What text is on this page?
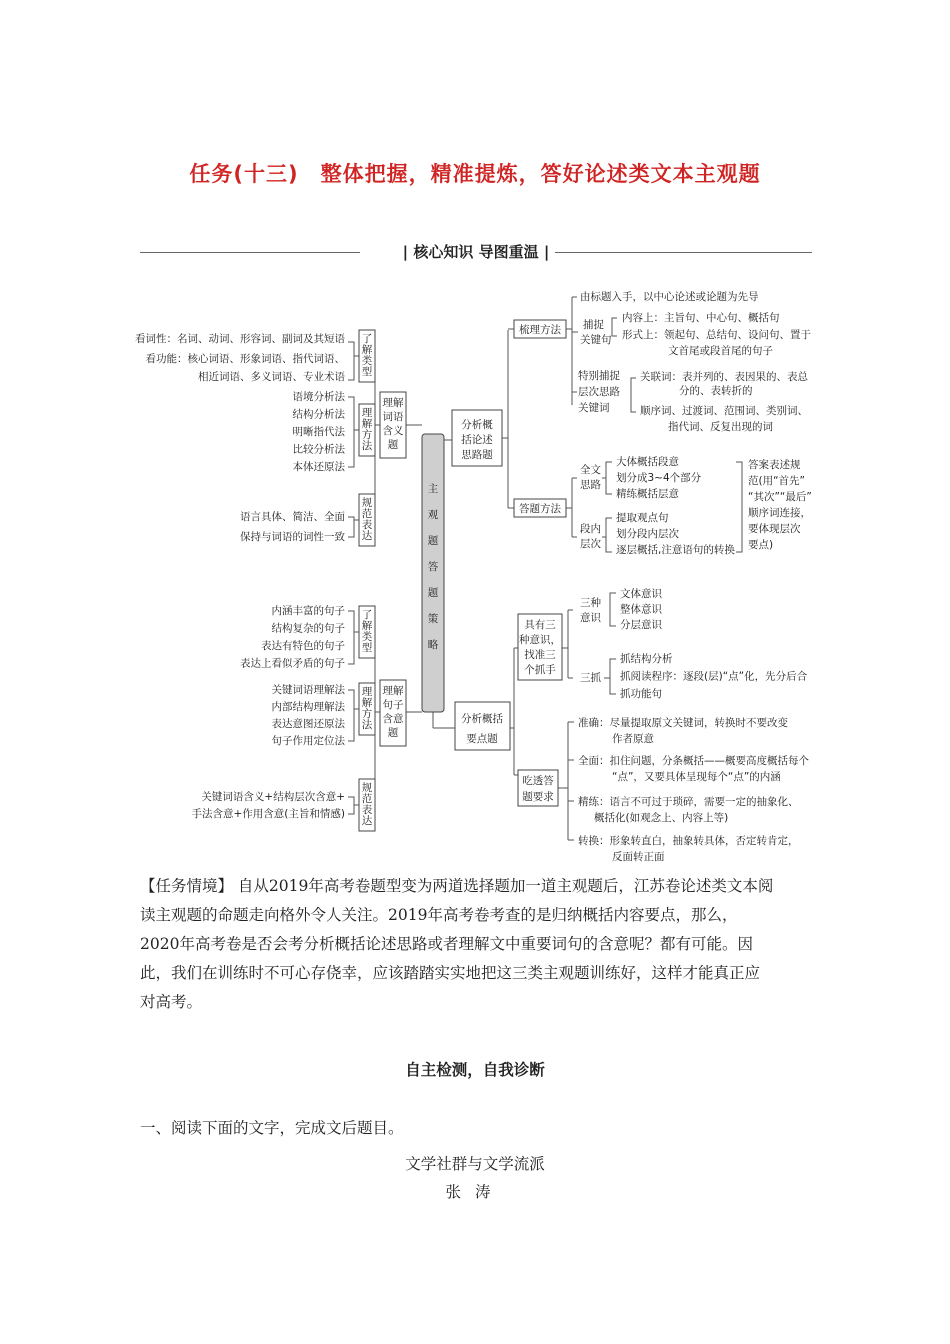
任务(十三)　整体把握，精准提炼，答好论述类文本主观题
| 核心知识 导图重温 |
主
观
题
答
题
策
略
理解
词语
含义
题
了
解
类
型
理
解
方
法
规
范
表
达
看词性：名词、动词、形容词、副词及其短语
看功能：核心词语、形象词语、指代词语、
相近词语、多义词语、专业术语
语境分析法
结构分析法
明晰指代法
比较分析法
本体还原法
语言具体、简洁、全面
保持与词语的词性一致
理解
句子
含意
题
了
解
类
型
理
解
方
法
规
范
表
达
内涵丰富的句子
结构复杂的句子
表达有特色的句子
表达上看似矛盾的句子
关键词语理解法
内部结构理解法
表达意图还原法
句子作用定位法
关键词语含义+结构层次含意+
手法含意+作用含意(主旨和情感)
分析概
括论述
思路题
梳理方法
由标题入手，以中心论述或论题为先导
捕捉
关键句
内容上：主旨句、中心句、概括句
形式上：领起句、总结句、设问句、置于
文首尾或段首尾的句子
特别捕捉
层次思路
关键词
关联词：表并列的、表因果的、表总
分的、表转折的
顺序词、过渡词、范围词、类别词、
指代词、反复出现的词
答题方法
全文
思路
大体概括段意
划分成3~4个部分
精练概括层意
段内
层次
提取观点句
划分段内层次
逐层概括,注意语句的转换
答案表述规
范(用“首先”
“其次”“最后”
顺序词连接，
要体现层次
要点)
分析概括
要点题
具有三
种意识，
找准三
个抓手
三种
意识
文体意识
整体意识
分层意识
三抓
抓结构分析
抓阅读程序：逐段(层)“点”化，先分后合
抓功能句
吃透答
题要求
准确：尽量提取原文关键词，转换时不要改变
作者原意
全面：扣住问题，分条概括——概要高度概括每个
“点”，又要具体呈现每个“点”的内涵
精练：语言不可过于琐碎，需要一定的抽象化、
概括化(如观念上、内容上等)
转换：形象转直白，抽象转具体，否定转肯定，
反面转正面
【任务情境】 自从2019年高考卷题型变为两道选择题加一道主观题后，江苏卷论述类文本阅
读主观题的命题走向格外令人关注。2019年高考卷考查的是归纳概括内容要点，那么，
2020年高考卷是否会考分析概括论述思路或者理解文中重要词句的含意呢？都有可能。因
此，我们在训练时不可心存侥幸，应该踏踏实实地把这三类主观题训练好，这样才能真正应
对高考。
自主检测，自我诊断
一、阅读下面的文字，完成文后题目。
文学社群与文学流派
张涛
